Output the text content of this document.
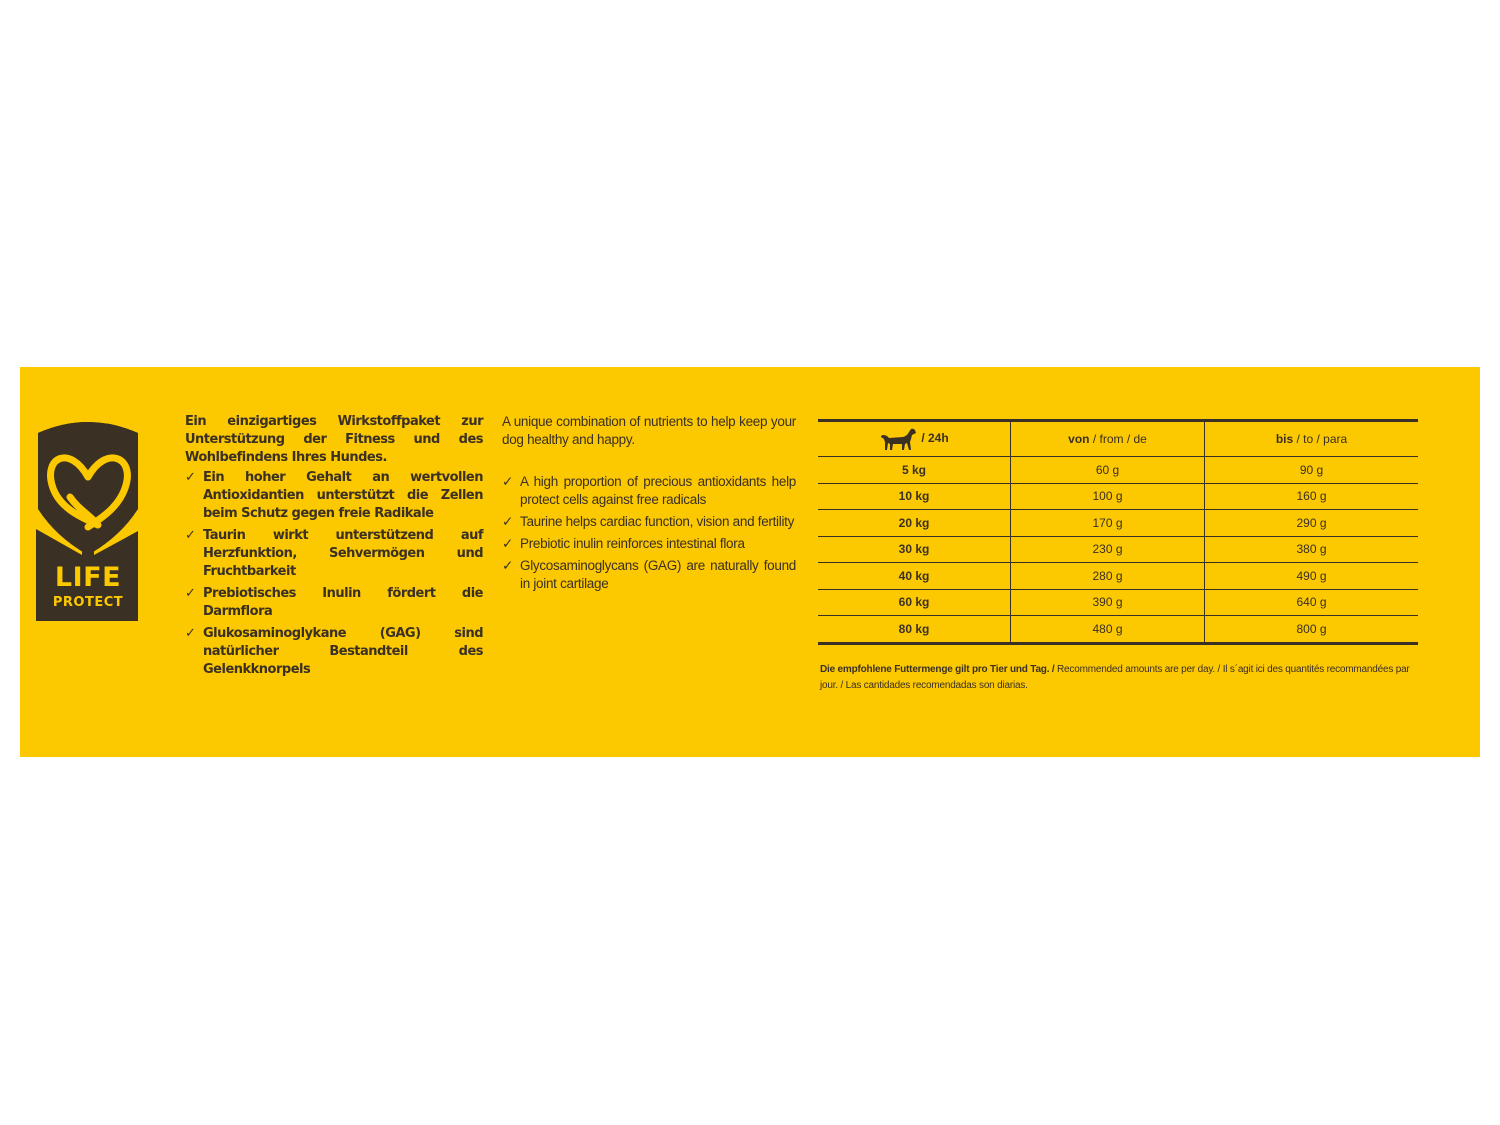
LIFE
PROTECT

Ein einzigartiges Wirkstoffpaket zur Unterstützung der Fitness und des Wohlbefindens Ihres Hundes.

✓ Ein hoher Gehalt an wertvollen Antioxidantien unterstützt die Zellen beim Schutz gegen freie Radikale
✓ Taurin wirkt unterstützend auf Herzfunktion, Sehvermögen und Fruchtbarkeit
✓ Prebiotisches Inulin fördert die Darmflora
✓ Glukosaminoglykane (GAG) sind natürlicher Bestandteil des Gelenkknorpels

A unique combination of nutrients to help keep your dog healthy and happy.

✓ A high proportion of precious antioxidants help protect cells against free radicals
✓ Taurine helps cardiac function, vision and fertility
✓ Prebiotic inulin reinforces intestinal flora
✓ Glycosaminoglycans (GAG) are naturally found in joint cartilage
/ 24h	von / from / de	bis / to / para
5 kg	60 g	90 g
10 kg	100 g	160 g
20 kg	170 g	290 g
30 kg	230 g	380 g
40 kg	280 g	490 g
60 kg	390 g	640 g
80 kg	480 g	800 g
Die empfohlene Futtermenge gilt pro Tier und Tag. / Recommended amounts are per day. / Il s´agit ici des quantités recommandées par jour. / Las cantidades recomendadas son diarias.
